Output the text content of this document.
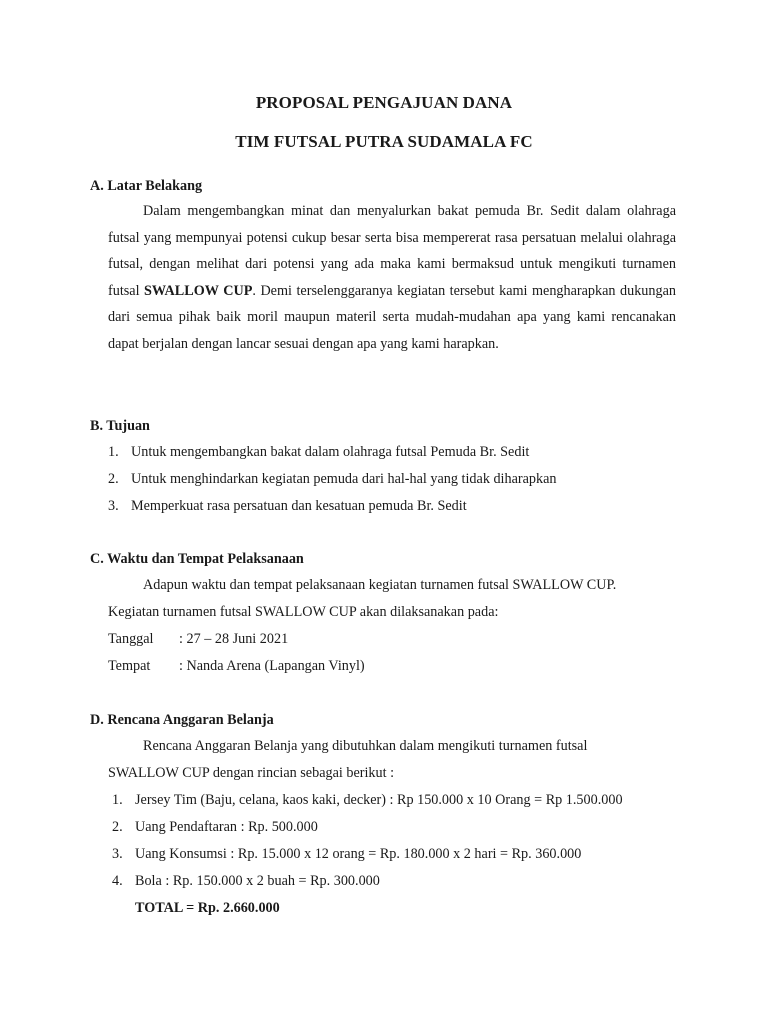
PROPOSAL PENGAJUAN DANA
TIM FUTSAL PUTRA SUDAMALA FC
A. Latar Belakang

Dalam mengembangkan minat dan menyalurkan bakat pemuda Br. Sedit dalam olahraga futsal yang mempunyai potensi cukup besar serta bisa mempererat rasa persatuan melalui olahraga futsal, dengan melihat dari potensi yang ada maka kami bermaksud untuk mengikuti turnamen futsal SWALLOW CUP. Demi terselenggaranya kegiatan tersebut kami mengharapkan dukungan dari semua pihak baik moril maupun materil serta mudah-mudahan apa yang kami rencanakan dapat berjalan dengan lancar sesuai dengan apa yang kami harapkan.

B. Tujuan
1. Untuk mengembangkan bakat dalam olahraga futsal Pemuda Br. Sedit
2. Untuk menghindarkan kegiatan pemuda dari hal-hal yang tidak diharapkan
3. Memperkuat rasa persatuan dan kesatuan pemuda Br. Sedit
C. Waktu dan Tempat Pelaksanaan
Adapun waktu dan tempat pelaksanaan kegiatan turnamen futsal SWALLOW CUP.
Kegiatan turnamen futsal SWALLOW CUP akan dilaksanakan pada:
Tanggal : 27 – 28 Juni 2021
Tempat : Nanda Arena (Lapangan Vinyl)
D. Rencana Anggaran Belanja
Rencana Anggaran Belanja yang dibutuhkan dalam mengikuti turnamen futsal
SWALLOW CUP dengan rincian sebagai berikut :
1. Jersey Tim (Baju, celana, kaos kaki, decker) : Rp 150.000 x 10 Orang = Rp 1.500.000
2. Uang Pendaftaran : Rp. 500.000
3. Uang Konsumsi : Rp. 15.000 x 12 orang = Rp. 180.000 x 2 hari = Rp. 360.000
4. Bola : Rp. 150.000 x 2 buah = Rp. 300.000
TOTAL = Rp. 2.660.000
